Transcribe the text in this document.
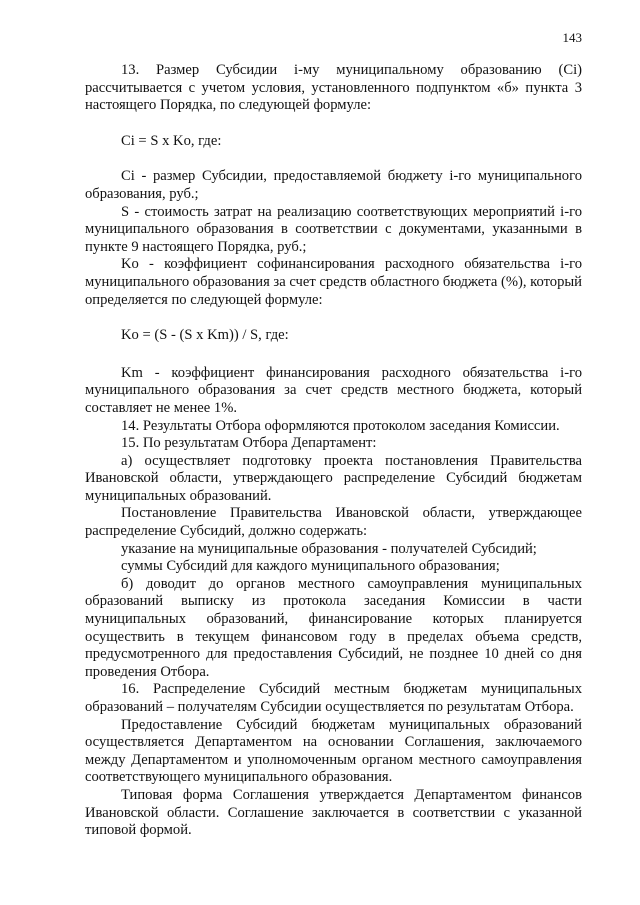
143

13. Размер Субсидии i-му муниципальному образованию (Ci) рассчитывается с учетом условия, установленного подпунктом «б» пункта 3 настоящего Порядка, по следующей формуле:

Ci = S x Ko, где:

Ci - размер Субсидии, предоставляемой бюджету i-го муниципального образования, руб.;

S - стоимость затрат на реализацию соответствующих мероприятий i-го муниципального образования в соответствии с документами, указанными в пункте 9 настоящего Порядка, руб.;

Ko - коэффициент софинансирования расходного обязательства i-го муниципального образования за счет средств областного бюджета (%), который определяется по следующей формуле:

Ko = (S - (S x Km)) / S, где:

Km - коэффициент финансирования расходного обязательства i-го муниципального образования за счет средств местного бюджета, который составляет не менее 1%.

14. Результаты Отбора оформляются протоколом заседания Комиссии.

15. По результатам Отбора Департамент:

а) осуществляет подготовку проекта постановления Правительства Ивановской области, утверждающего распределение Субсидий бюджетам муниципальных образований.

Постановление Правительства Ивановской области, утверждающее распределение Субсидий, должно содержать:

указание на муниципальные образования - получателей Субсидий;

суммы Субсидий для каждого муниципального образования;

б) доводит до органов местного самоуправления муниципальных образований выписку из протокола заседания Комиссии в части муниципальных образований, финансирование которых планируется осуществить в текущем финансовом году в пределах объема средств, предусмотренного для предоставления Субсидий, не позднее 10 дней со дня проведения Отбора.

16. Распределение Субсидий местным бюджетам муниципальных образований – получателям Субсидии осуществляется по результатам Отбора.

Предоставление Субсидий бюджетам муниципальных образований осуществляется Департаментом на основании Соглашения, заключаемого между Департаментом и уполномоченным органом местного самоуправления соответствующего муниципального образования.

Типовая форма Соглашения утверждается Департаментом финансов Ивановской области. Соглашение заключается в соответствии с указанной типовой формой.
